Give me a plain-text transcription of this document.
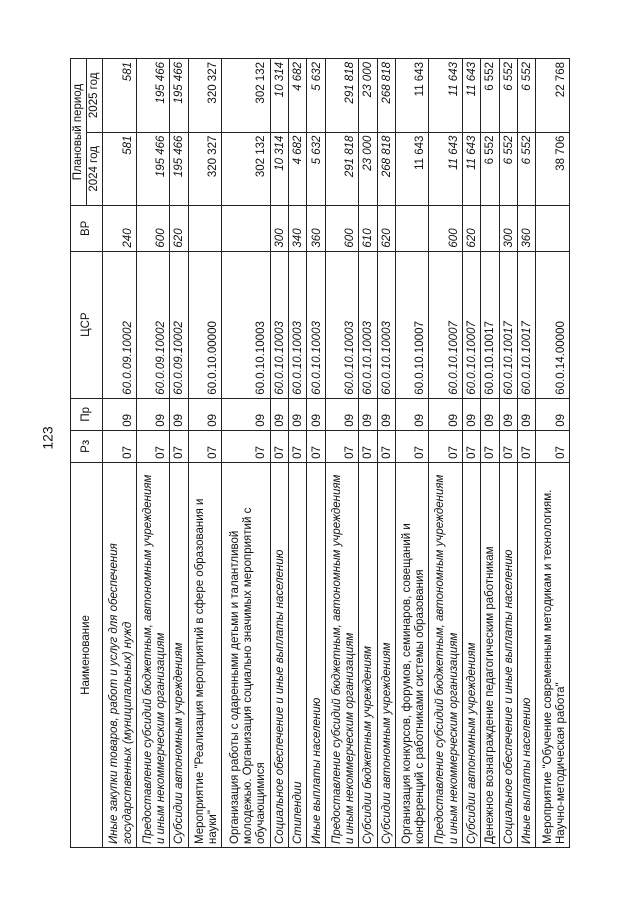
123
Наименование	Рз	Пр	ЦСР	ВР	Плановый период	
					2024 год	2025 год
Иные закупки товаров, работ и услуг для обеспечения государственных (муниципальных) нужд	07	09	60.0.09.10002	240	581	581
Предоставление субсидий бюджетным, автономным учреждениям и иным некоммерческим организациям	07	09	60.0.09.10002	600	195 466	195 466
Субсидии автономным учреждениям	07	09	60.0.09.10002	620	195 466	195 466
Мероприятие "Реализация мероприятий в сфере образования и науки"	07	09	60.0.10.00000		320 327	320 327
Организация работы с одаренными детьми и талантливой молодежью. Организация социально значимых мероприятий с обучающимися	07	09	60.0.10.10003		302 132	302 132
Социальное обеспечение и иные выплаты населению	07	09	60.0.10.10003	300	10 314	10 314
Стипендии	07	09	60.0.10.10003	340	4 682	4 682
Иные выплаты населению	07	09	60.0.10.10003	360	5 632	5 632
Предоставление субсидий бюджетным, автономным учреждениям и иным некоммерческим организациям	07	09	60.0.10.10003	600	291 818	291 818
Субсидии бюджетным учреждениям	07	09	60.0.10.10003	610	23 000	23 000
Субсидии автономным учреждениям	07	09	60.0.10.10003	620	268 818	268 818
Организация конкурсов, форумов, семинаров, совещаний и конференций с работниками системы образования	07	09	60.0.10.10007		11 643	11 643
Предоставление субсидий бюджетным, автономным учреждениям и иным некоммерческим организациям	07	09	60.0.10.10007	600	11 643	11 643
Субсидии автономным учреждениям	07	09	60.0.10.10007	620	11 643	11 643
Денежное вознаграждение педагогическим работникам	07	09	60.0.10.10017		6 552	6 552
Социальное обеспечение и иные выплаты населению	07	09	60.0.10.10017	300	6 552	6 552
Иные выплаты населению	07	09	60.0.10.10017	360	6 552	6 552
Мероприятие "Обучение современным методикам и технологиям. Научно-методическая работа"	07	09	60.0.14.00000		38 706	22 768
